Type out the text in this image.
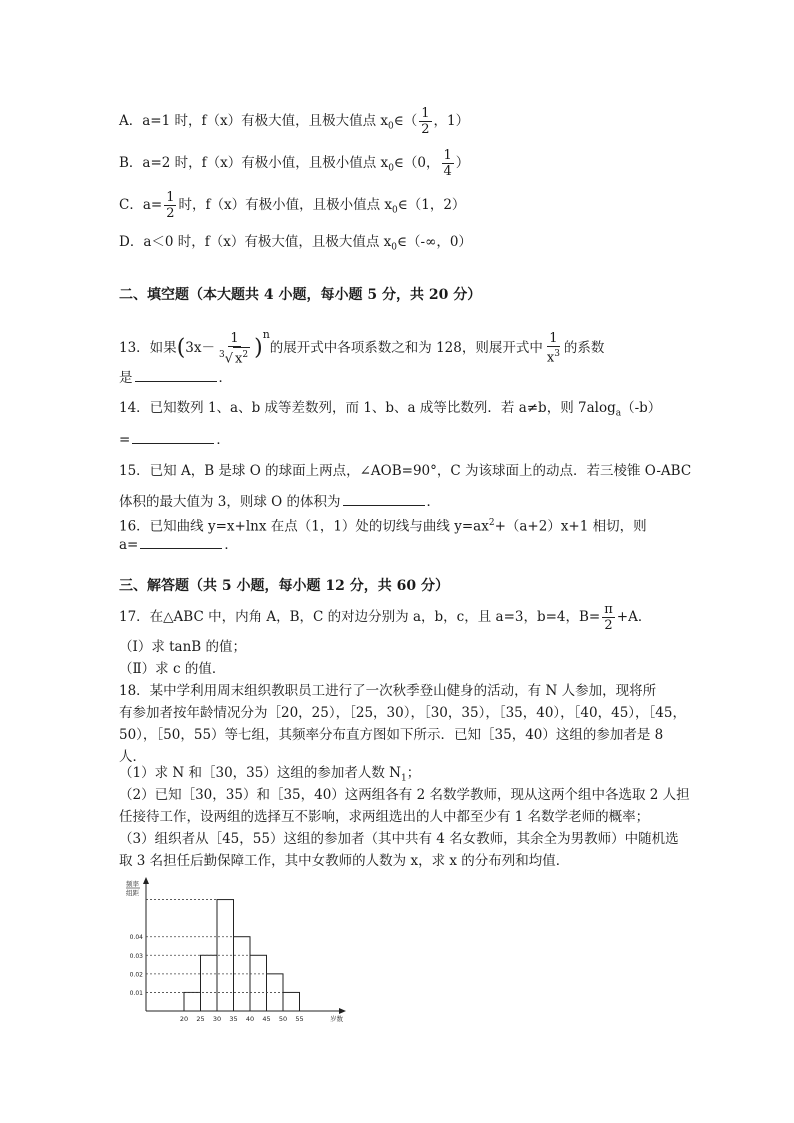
A．a=1 时，f（x）有极大值，且极大值点 $x_0\in( \frac{1}{2}$ ，1）
B．a=2 时，f（x）有极小值，且极小值点 $x_0\in(0$， $\frac{1}{4}$ ）
C．$a= \frac{1}{2}$ 时，f（x）有极小值，且极小值点 $x_0\in(1$，2）
D．a＜0 时，f（x）有极大值，且极大值点 $x_0\in(-\infty$，0）
二、填空题（本大题共 4 小题，每小题 5 分，共 20 分）
13．如果$(3x- \frac{1}{^3√ x^2} )^n$的展开式中各项系数之和为 128，则展开式中 $\frac{1}{x^3}$ 的系数
是	．
14．已知数列 1、a、b 成等差数列，而 1、b、a 成等比数列．若 a≠b，则 7alog$_a$（-b）
=	．
15．已知 A，B 是球 O 的球面上两点，∠AOB=90°，C 为该球面上的动点．若三棱锥 O-ABC
体积的最大值为 3，则球 O 的体积为	．
16．已知曲线 y=x+lnx 在点（1，1）处的切线与曲线 $y=ax^2+(a+2)x+1$ 相切，则
a=	．
三、解答题（共 5 小题，每小题 12 分，共 60 分）
17．在△ABC 中，内角 A，B，C 的对边分别为 a，b，c，且 a=3，b=4，$B= \frac{\pi}{2} +A$．
（I）求 tanB 的值；
（Ⅱ）求 c 的值．
18．某中学利用周末组织教职员工进行了一次秋季登山健身的活动，有 N 人参加，现将所
有参加者按年龄情况分为［20，25），［25，30），［30，35），［35，40），［40，45），［45，
50），［50，55）等七组，其频率分布直方图如下所示．已知［35，40）这组的参加者是 8
人．
（1）求 N 和［30，35）这组的参加者人数 $N_1$；
（2）已知［30，35）和［35，40）这两组各有 2 名数学教师，现从这两个组中各选取 2 人担
任接待工作，设两组的选择互不影响，求两组选出的人中都至少有 1 名数学老师的概率；
（3）组织者从［45，55）这组的参加者（其中共有 4 名女教师，其余全为男教师）中随机选
取 3 名担任后勤保障工作，其中女教师的人数为 x，求 x 的分布列和均值．
0.04
0.03
0.02
0.01
20 25 30 35 40 45 50 55
频率
组距
岁数
